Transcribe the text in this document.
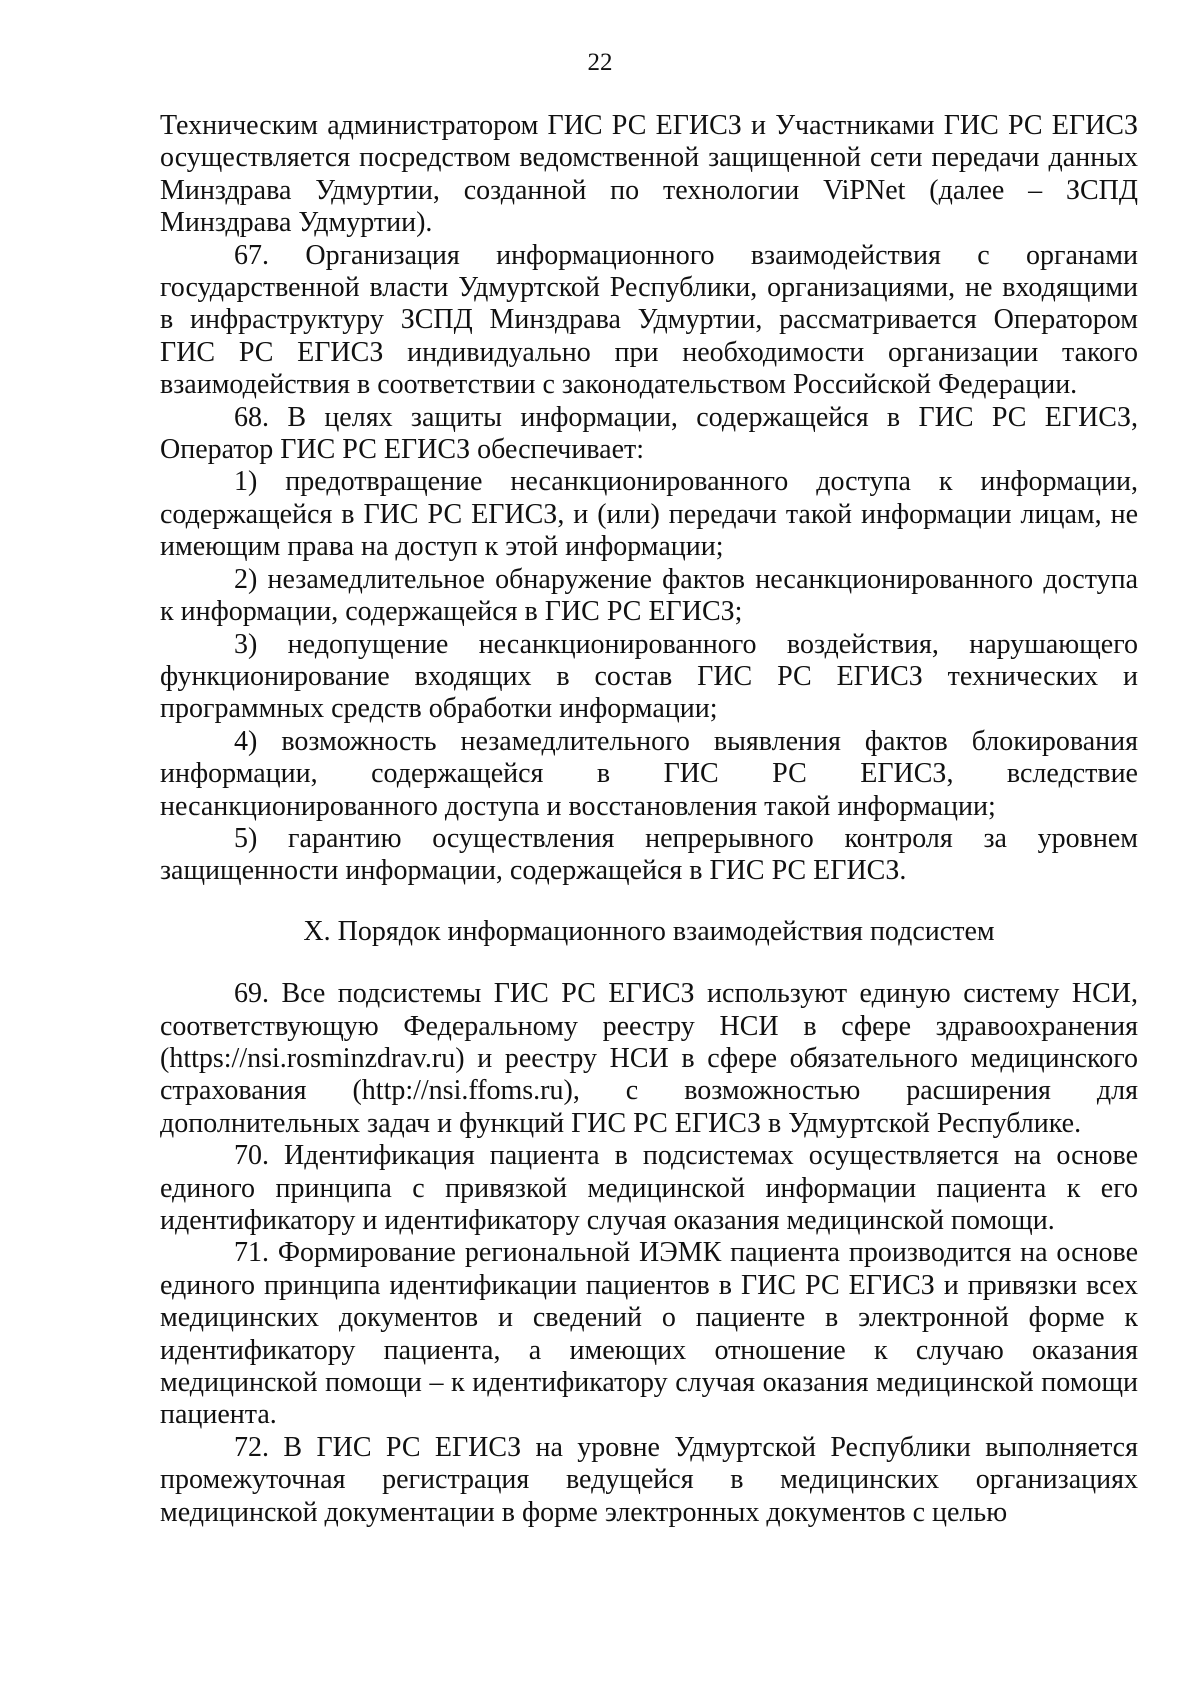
22

Техническим администратором ГИС РС ЕГИСЗ и Участниками ГИС РС ЕГИСЗ осуществляется посредством ведомственной защищенной сети передачи данных Минздрава Удмуртии, созданной по технологии ViPNet (далее – ЗСПД Минздрава Удмуртии).

67. Организация информационного взаимодействия с органами государственной власти Удмуртской Республики, организациями, не входящими в инфраструктуру ЗСПД Минздрава Удмуртии, рассматривается Оператором ГИС РС ЕГИСЗ индивидуально при необходимости организации такого взаимодействия в соответствии с законодательством Российской Федерации.

68. В целях защиты информации, содержащейся в ГИС РС ЕГИСЗ, Оператор ГИС РС ЕГИСЗ обеспечивает:

1) предотвращение несанкционированного доступа к информации, содержащейся в ГИС РС ЕГИСЗ, и (или) передачи такой информации лицам, не имеющим права на доступ к этой информации;

2) незамедлительное обнаружение фактов несанкционированного доступа к информации, содержащейся в ГИС РС ЕГИСЗ;

3) недопущение несанкционированного воздействия, нарушающего функционирование входящих в состав ГИС РС ЕГИСЗ технических и программных средств обработки информации;

4) возможность незамедлительного выявления фактов блокирования информации, содержащейся в ГИС РС ЕГИСЗ, вследствие несанкционированного доступа и восстановления такой информации;

5) гарантию осуществления непрерывного контроля за уровнем защищенности информации, содержащейся в ГИС РС ЕГИСЗ.

X. Порядок информационного взаимодействия подсистем

69. Все подсистемы ГИС РС ЕГИСЗ используют единую систему НСИ, соответствующую Федеральному реестру НСИ в сфере здравоохранения (https://nsi.rosminzdrav.ru) и реестру НСИ в сфере обязательного медицинского страхования (http://nsi.ffoms.ru), с возможностью расширения для дополнительных задач и функций ГИС РС ЕГИСЗ в Удмуртской Республике.

70. Идентификация пациента в подсистемах осуществляется на основе единого принципа с привязкой медицинской информации пациента к его идентификатору и идентификатору случая оказания медицинской помощи.

71. Формирование региональной ИЭМК пациента производится на основе единого принципа идентификации пациентов в ГИС РС ЕГИСЗ и привязки всех медицинских документов и сведений о пациенте в электронной форме к идентификатору пациента, а имеющих отношение к случаю оказания медицинской помощи – к идентификатору случая оказания медицинской помощи пациента.

72. В ГИС РС ЕГИСЗ на уровне Удмуртской Республики выполняется промежуточная регистрация ведущейся в медицинских организациях медицинской документации в форме электронных документов с целью
